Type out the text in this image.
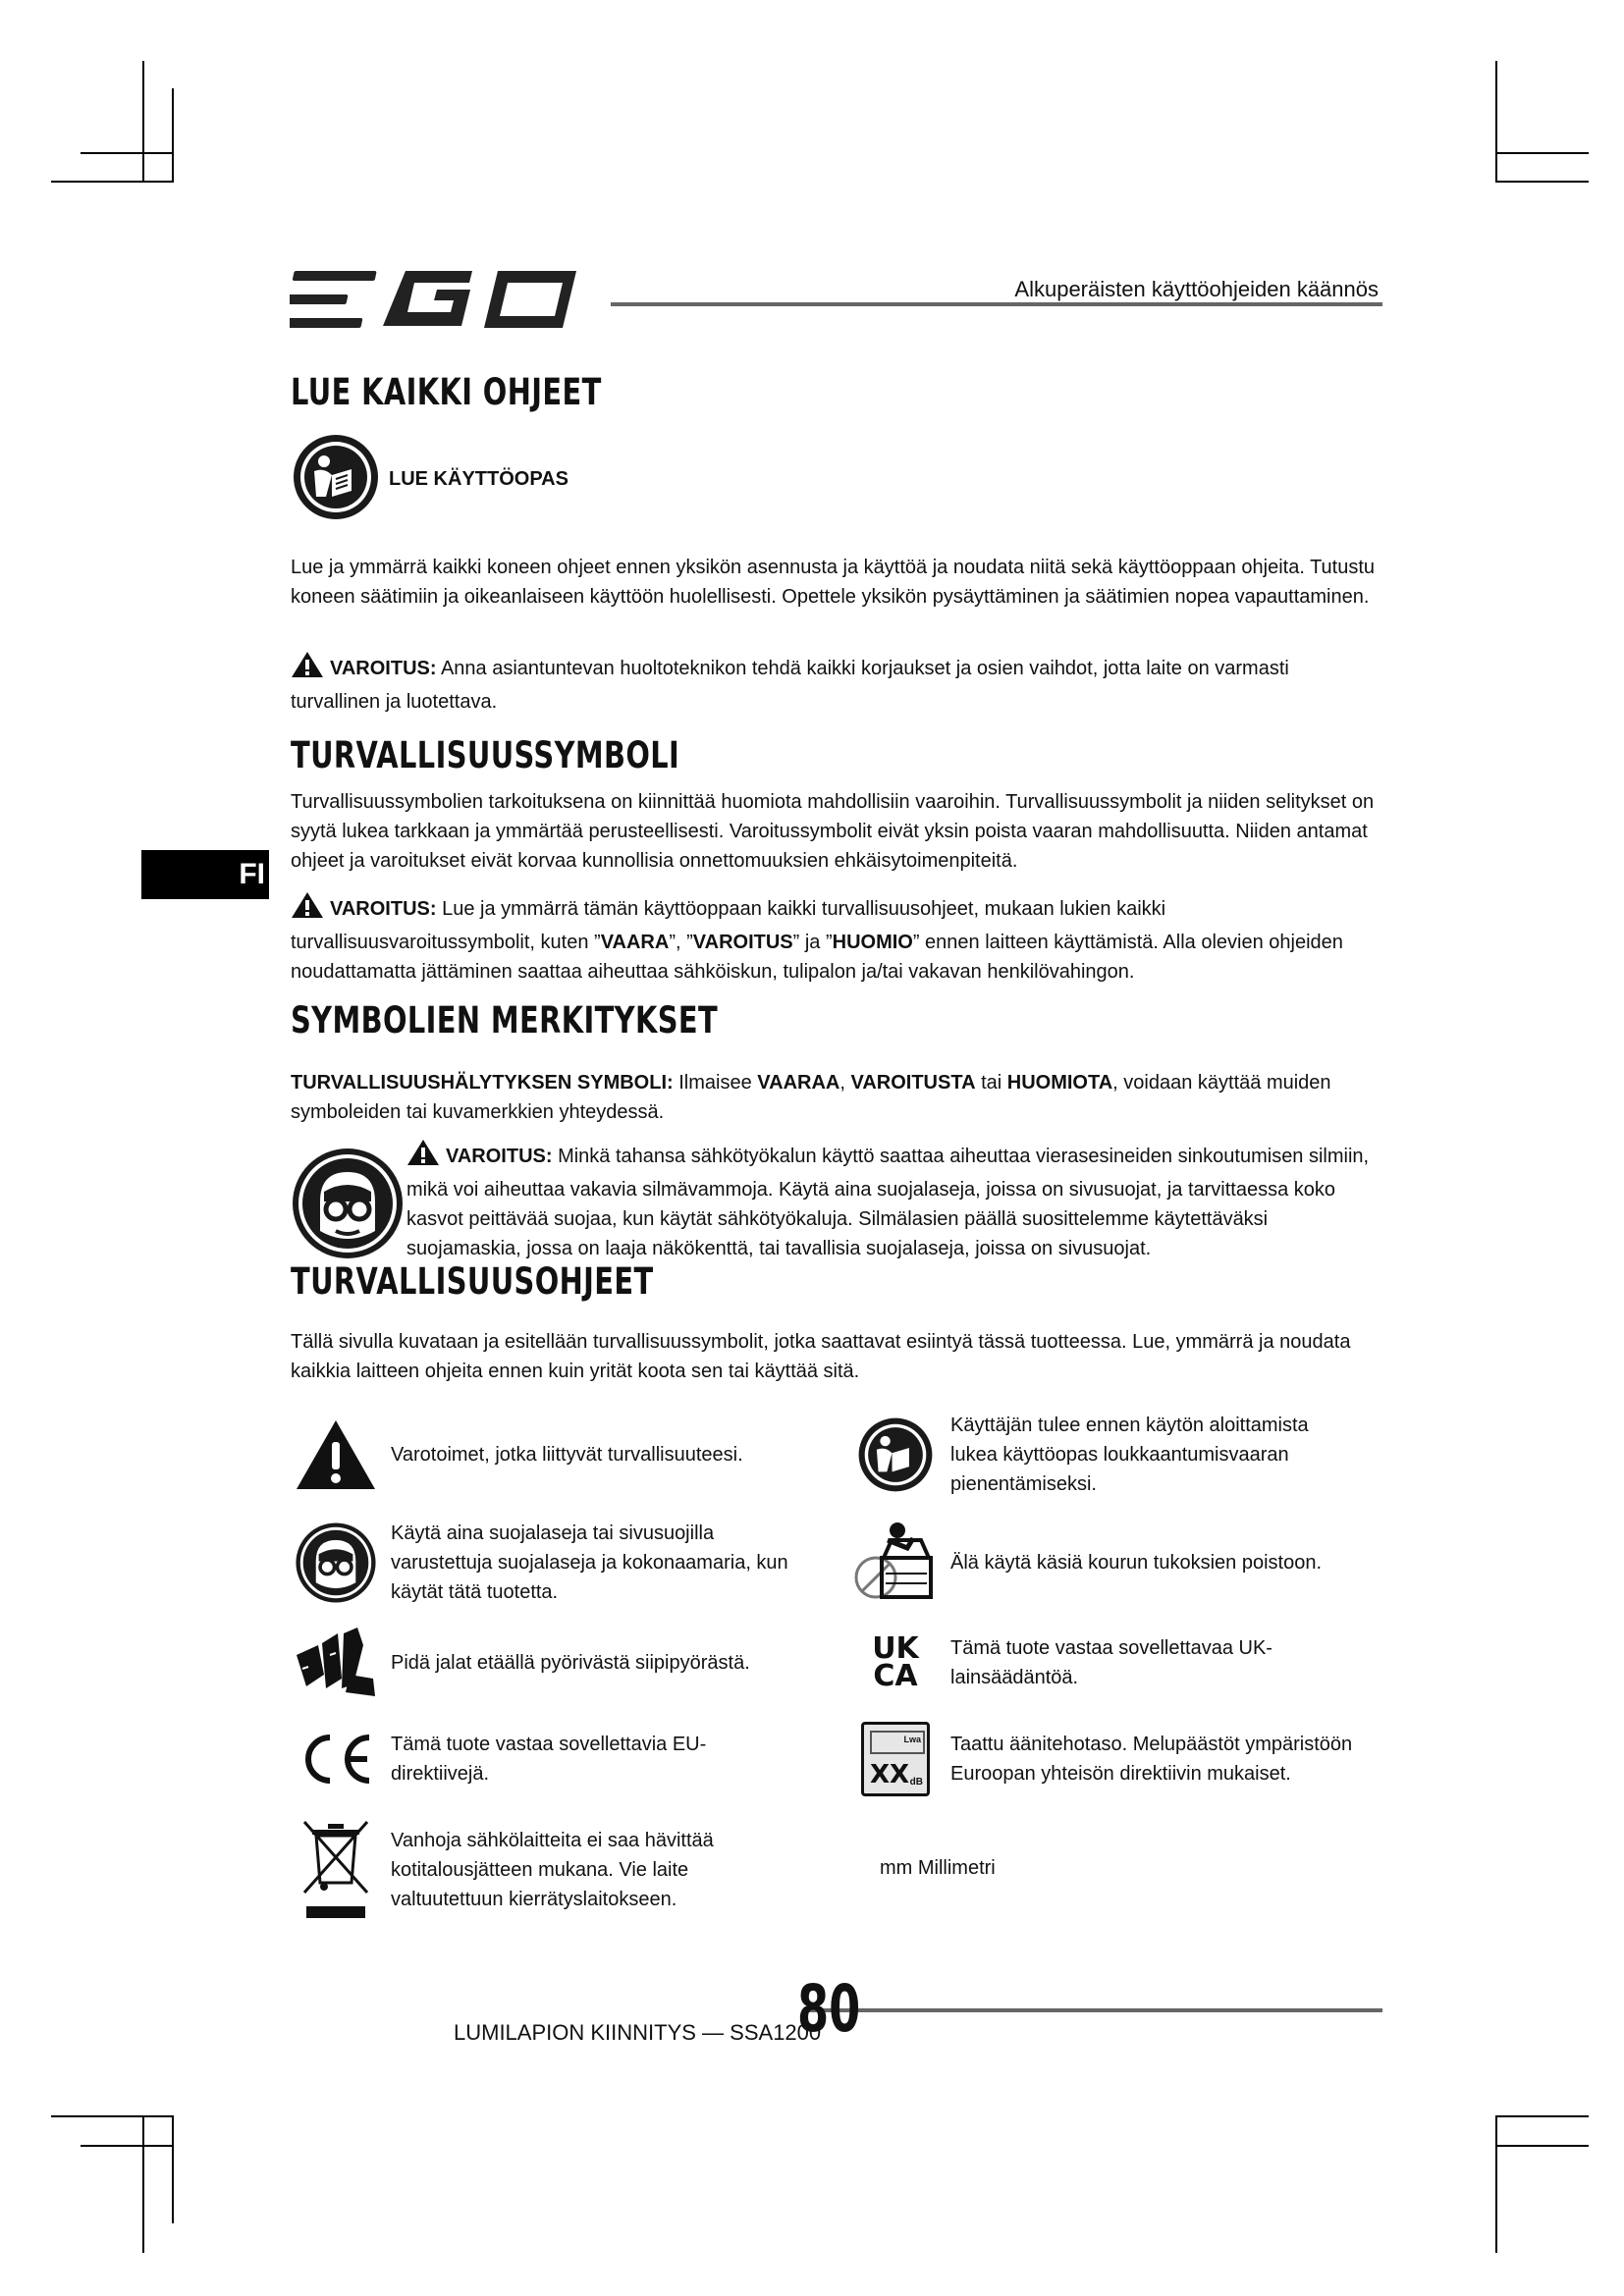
Alkuperäisten käyttöohjeiden käännös
FI
LUE KAIKKI OHJEET
LUE KÄYTTÖOPAS

Lue ja ymmärrä kaikki koneen ohjeet ennen yksikön asennusta ja käyttöä ja noudata niitä sekä käyttöoppaan ohjeita. Tutustu koneen säätimiin ja oikeanlaiseen käyttöön huolellisesti. Opettele yksikön pysäyttäminen ja säätimien nopea vapauttaminen.

VAROITUS: Anna asiantuntevan huoltoteknikon tehdä kaikki korjaukset ja osien vaihdot, jotta laite on varmasti turvallinen ja luotettava.

TURVALLISUUSSYMBOLI

Turvallisuussymbolien tarkoituksena on kiinnittää huomiota mahdollisiin vaaroihin. Turvallisuussymbolit ja niiden selitykset on syytä lukea tarkkaan ja ymmärtää perusteellisesti. Varoitussymbolit eivät yksin poista vaaran mahdollisuutta. Niiden antamat ohjeet ja varoitukset eivät korvaa kunnollisia onnettomuuksien ehkäisytoimenpiteitä.

VAROITUS: Lue ja ymmärrä tämän käyttöoppaan kaikki turvallisuusohjeet, mukaan lukien kaikki turvallisuusvaroitussymbolit, kuten ”VAARA”, ”VAROITUS” ja ”HUOMIO” ennen laitteen käyttämistä. Alla olevien ohjeiden noudattamatta jättäminen saattaa aiheuttaa sähköiskun, tulipalon ja/tai vakavan henkilövahingon.

SYMBOLIEN MERKITYKSET

TURVALLISUUSHÄLYTYKSEN SYMBOLI: Ilmaisee VAARAA, VAROITUSTA tai HUOMIOTA, voidaan käyttää muiden symboleiden tai kuvamerkkien yhteydessä.

VAROITUS: Minkä tahansa sähkötyökalun käyttö saattaa aiheuttaa vierasesineiden sinkoutumisen silmiin, mikä voi aiheuttaa vakavia silmävammoja. Käytä aina suojalaseja, joissa on sivusuojat, ja tarvittaessa koko kasvot peittävää suojaa, kun käytät sähkötyökaluja. Silmälasien päällä suosittelemme käytettäväksi suojamaskia, jossa on laaja näkökenttä, tai tavallisia suojalaseja, joissa on sivusuojat.

TURVALLISUUSOHJEET

Tällä sivulla kuvataan ja esitellään turvallisuussymbolit, jotka saattavat esiintyä tässä tuotteessa. Lue, ymmärrä ja noudata kaikkia laitteen ohjeita ennen kuin yrität koota sen tai käyttää sitä.

Varotoimet, jotka liittyvät turvallisuuteesi.
Käytä aina suojalaseja tai sivusuojilla varustettuja suojalaseja ja kokonaamaria, kun käytät tätä tuotetta.
Pidä jalat etäällä pyörivästä siipipyörästä.
Tämä tuote vastaa sovellettavia EU-direktiivejä.
Vanhoja sähkölaitteita ei saa hävittää kotitalousjätteen mukana. Vie laite valtuutettuun kierrätyslaitokseen.
Käyttäjän tulee ennen käytön aloittamista lukea käyttöopas loukkaantumisvaaran pienentämiseksi.
Älä käytä käsiä kourun tukoksien poistoon.
UK
CA
Tämä tuote vastaa sovellettavaa UK-lainsäädäntöä.
Lwa
XX dB
Taattu äänitehotaso. Melupäästöt ympäristöön Euroopan yhteisön direktiivin mukaiset.
mm Millimetri
LUMILAPION KIINNITYS — SSA1200
80
